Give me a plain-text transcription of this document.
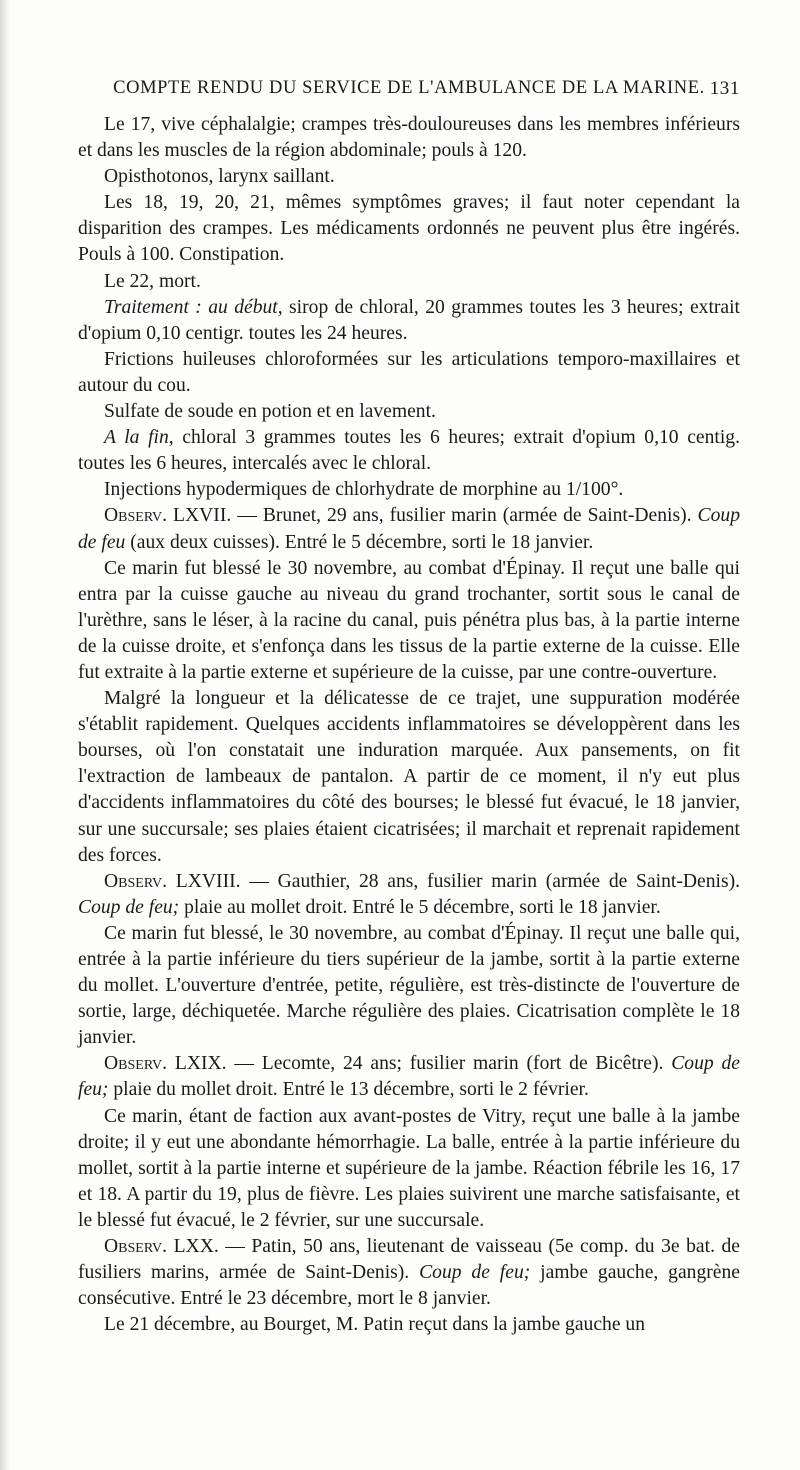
COMPTE RENDU DU SERVICE DE L'AMBULANCE DE LA MARINE. 131

Le 17, vive céphalalgie; crampes très-douloureuses dans les membres inférieurs et dans les muscles de la région abdominale; pouls à 120.

Opisthotonos, larynx saillant.

Les 18, 19, 20, 21, mêmes symptômes graves; il faut noter cependant la disparition des crampes. Les médicaments ordonnés ne peuvent plus être ingérés. Pouls à 100. Constipation.

Le 22, mort.

Traitement : au début, sirop de chloral, 20 grammes toutes les 3 heures; extrait d'opium 0,10 centigr. toutes les 24 heures.

Frictions huileuses chloroformées sur les articulations temporo-maxillaires et autour du cou.

Sulfate de soude en potion et en lavement.

A la fin, chloral 3 grammes toutes les 6 heures; extrait d'opium 0,10 centig. toutes les 6 heures, intercalés avec le chloral.

Injections hypodermiques de chlorhydrate de morphine au 1/100°.

Observ. LXVII. — Brunet, 29 ans, fusilier marin (armée de Saint-Denis). Coup de feu (aux deux cuisses). Entré le 5 décembre, sorti le 18 janvier.

Ce marin fut blessé le 30 novembre, au combat d'Épinay. Il reçut une balle qui entra par la cuisse gauche au niveau du grand trochanter, sortit sous le canal de l'urèthre, sans le léser, à la racine du canal, puis pénétra plus bas, à la partie interne de la cuisse droite, et s'enfonça dans les tissus de la partie externe de la cuisse. Elle fut extraite à la partie externe et supérieure de la cuisse, par une contre-ouverture.

Malgré la longueur et la délicatesse de ce trajet, une suppuration modérée s'établit rapidement. Quelques accidents inflammatoires se développèrent dans les bourses, où l'on constatait une induration marquée. Aux pansements, on fit l'extraction de lambeaux de pantalon. A partir de ce moment, il n'y eut plus d'accidents inflammatoires du côté des bourses; le blessé fut évacué, le 18 janvier, sur une succursale; ses plaies étaient cicatrisées; il marchait et reprenait rapidement des forces.

Observ. LXVIII. — Gauthier, 28 ans, fusilier marin (armée de Saint-Denis). Coup de feu; plaie au mollet droit. Entré le 5 décembre, sorti le 18 janvier.

Ce marin fut blessé, le 30 novembre, au combat d'Épinay. Il reçut une balle qui, entrée à la partie inférieure du tiers supérieur de la jambe, sortit à la partie externe du mollet. L'ouverture d'entrée, petite, régulière, est très-distincte de l'ouverture de sortie, large, déchiquetée. Marche régulière des plaies. Cicatrisation complète le 18 janvier.

Observ. LXIX. — Lecomte, 24 ans; fusilier marin (fort de Bicêtre). Coup de feu; plaie du mollet droit. Entré le 13 décembre, sorti le 2 février.

Ce marin, étant de faction aux avant-postes de Vitry, reçut une balle à la jambe droite; il y eut une abondante hémorrhagie. La balle, entrée à la partie inférieure du mollet, sortit à la partie interne et supérieure de la jambe. Réaction fébrile les 16, 17 et 18. A partir du 19, plus de fièvre. Les plaies suivirent une marche satisfaisante, et le blessé fut évacué, le 2 février, sur une succursale.

Observ. LXX. — Patin, 50 ans, lieutenant de vaisseau (5e comp. du 3e bat. de fusiliers marins, armée de Saint-Denis). Coup de feu; jambe gauche, gangrène consécutive. Entré le 23 décembre, mort le 8 janvier.

Le 21 décembre, au Bourget, M. Patin reçut dans la jambe gauche un
